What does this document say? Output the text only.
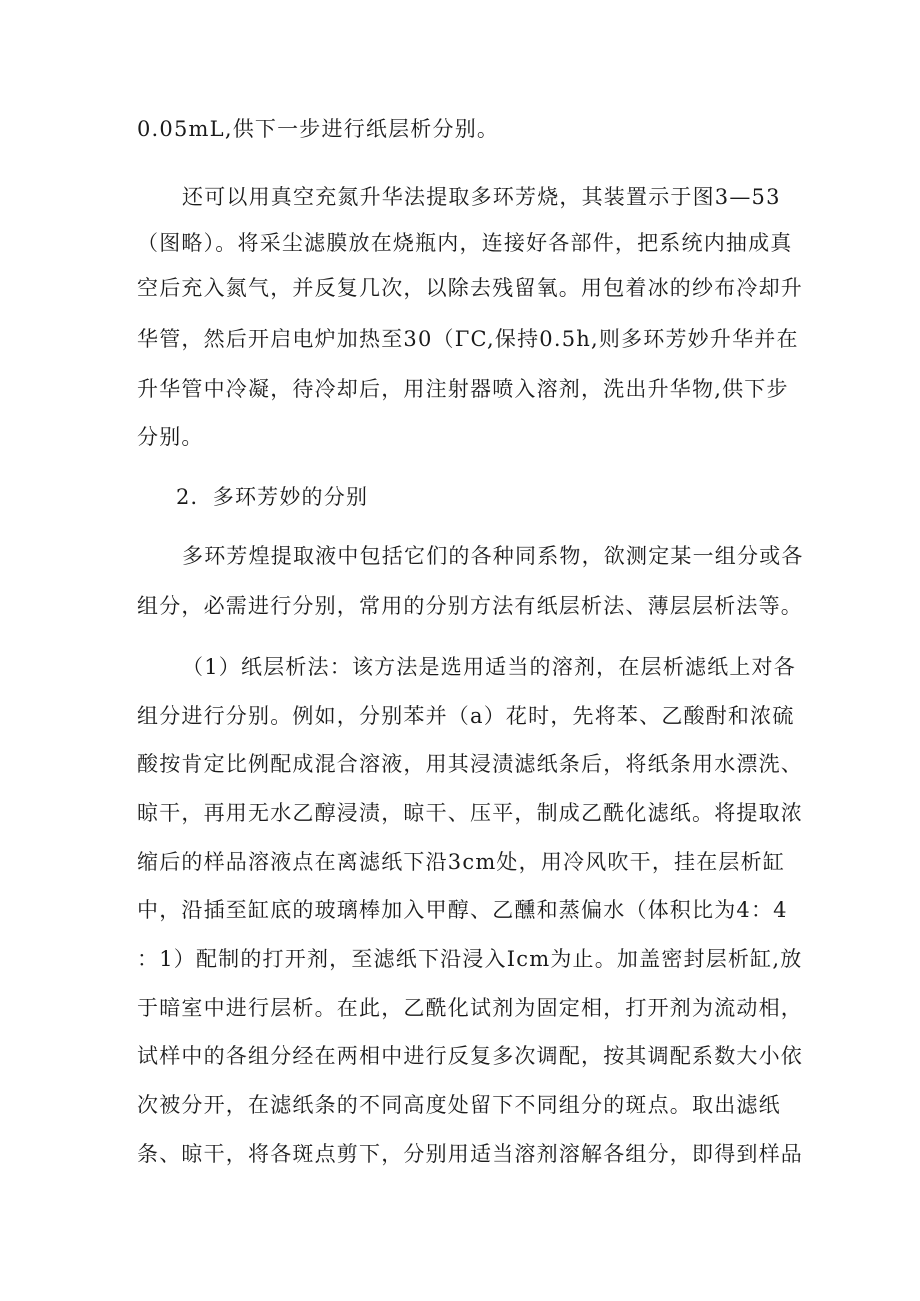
0.05mL,供下一步进行纸层析分别。
还可以用真空充氮升华法提取多环芳烧，其装置示于图3—53
（图略）。将采尘滤膜放在烧瓶内，连接好各部件，把系统内抽成真
空后充入氮气，并反复几次，以除去残留氧。用包着冰的纱布冷却升
华管，然后开启电炉加热至30（ΓC,保持0.5h,则多环芳妙升华并在
升华管中冷凝，待冷却后，用注射器喷入溶剂，洗出升华物,供下步
分别。
2．多环芳妙的分别
多环芳煌提取液中包括它们的各种同系物，欲测定某一组分或各
组分，必需进行分别，常用的分别方法有纸层析法、薄层层析法等。
（1）纸层析法：该方法是选用适当的溶剂，在层析滤纸上对各
组分进行分别。例如，分别苯并（a）花时，先将苯、乙酸酎和浓硫
酸按肯定比例配成混合溶液，用其浸渍滤纸条后，将纸条用水漂洗、
晾干，再用无水乙醇浸渍，晾干、压平，制成乙酰化滤纸。将提取浓
缩后的样品溶液点在离滤纸下沿3cm处，用冷风吹干，挂在层析缸
中，沿插至缸底的玻璃棒加入甲醇、乙醺和蒸偏水（体积比为4：4
：1）配制的打开剂，至滤纸下沿浸入Icm为止。加盖密封层析缸,放
于暗室中进行层析。在此，乙酰化试剂为固定相，打开剂为流动相，
试样中的各组分经在两相中进行反复多次调配，按其调配系数大小依
次被分开，在滤纸条的不同高度处留下不同组分的斑点。取出滤纸
条、晾干，将各斑点剪下，分别用适当溶剂溶解各组分，即得到样品
